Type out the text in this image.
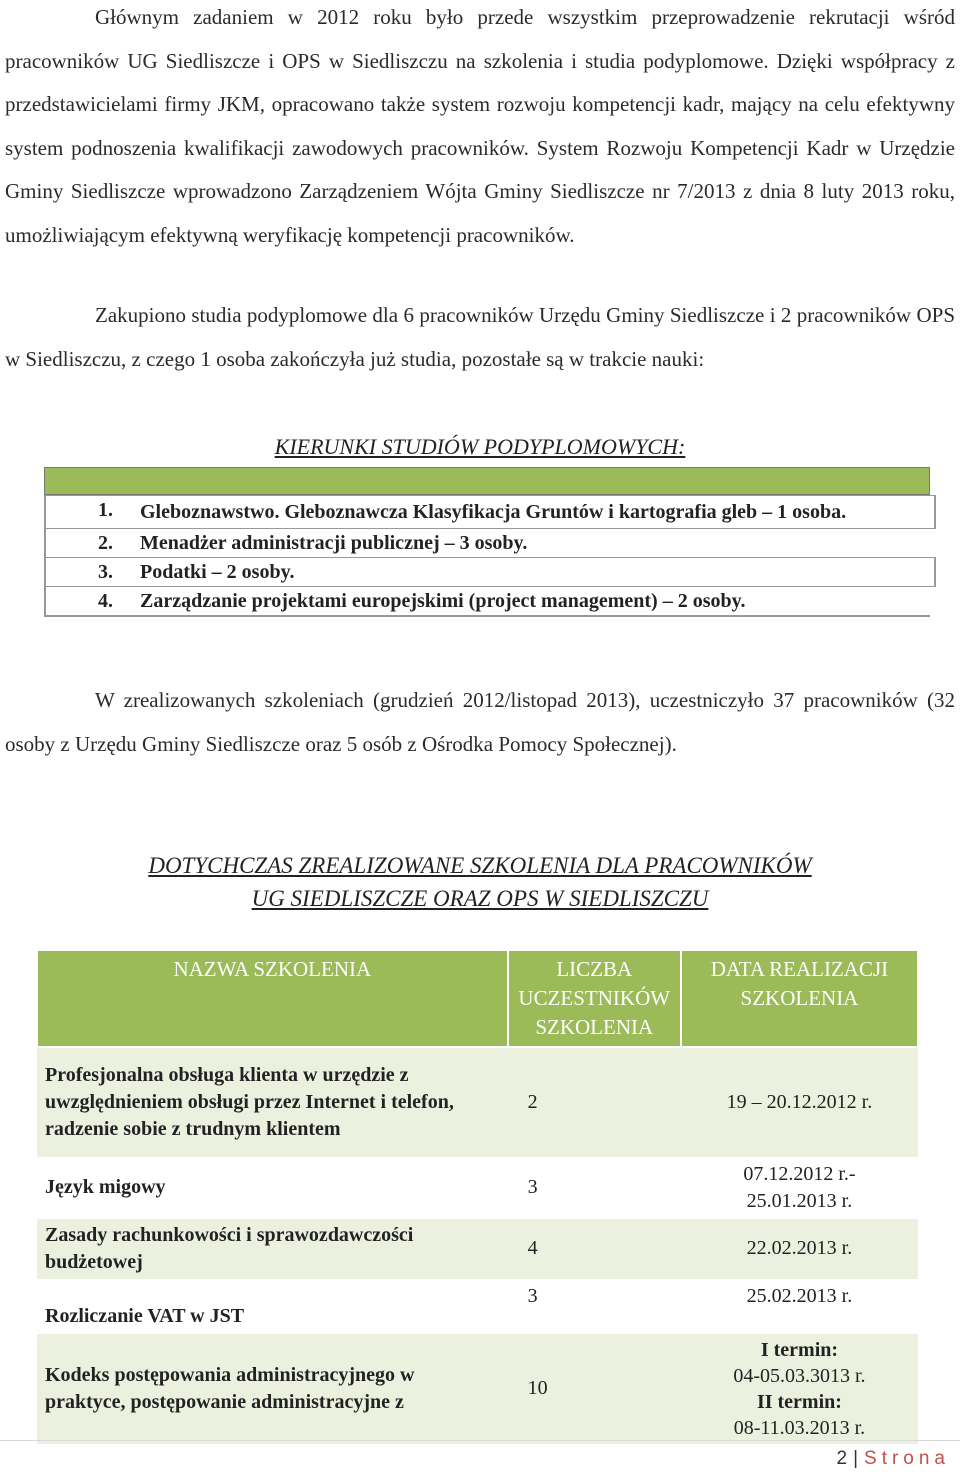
Głównym zadaniem w 2012 roku było przede wszystkim przeprowadzenie rekrutacji wśród pracowników UG Siedliszcze i OPS w Siedliszczu na szkolenia i studia podyplomowe. Dzięki współpracy z przedstawicielami firmy JKM, opracowano także system rozwoju kompetencji kadr, mający na celu efektywny system podnoszenia kwalifikacji zawodowych pracowników. System Rozwoju Kompetencji Kadr w Urzędzie Gminy Siedliszcze wprowadzono Zarządzeniem Wójta Gminy Siedliszcze nr 7/2013 z dnia 8 luty 2013 roku, umożliwiającym efektywną weryfikację kompetencji pracowników.

Zakupiono studia podyplomowe dla 6 pracowników Urzędu Gminy Siedliszcze i 2 pracowników OPS w Siedliszczu, z czego 1 osoba zakończyła już studia, pozostałe są w trakcie nauki:

KIERUNKI STUDIÓW PODYPLOMOWYCH:
1. Gleboznawstwo. Gleboznawcza Klasyfikacja Gruntów i kartografia gleb – 1 osoba.
2. Menadżer administracji publicznej – 3 osoby.
3. Podatki – 2 osoby.
4. Zarządzanie projektami europejskimi (project management) – 2 osoby.

W zrealizowanych szkoleniach (grudzień 2012/listopad 2013), uczestniczyło 37 pracowników (32 osoby z Urzędu Gminy Siedliszcze oraz 5 osób z Ośrodka Pomocy Społecznej).

DOTYCHCZAS ZREALIZOWANE SZKOLENIA DLA PRACOWNIKÓW
UG SIEDLISZCZE ORAZ OPS W SIEDLISZCZU
NAZWA SZKOLENIA	LICZBA UCZESTNIKÓW SZKOLENIA	DATA REALIZACJI SZKOLENIA
Profesjonalna obsługa klienta w urzędzie z uwzględnieniem obsługi przez Internet i telefon, radzenie sobie z trudnym klientem	2	19 – 20.12.2012 r.
Język migowy	3	07.12.2012 r.-
25.01.2013 r.
Zasady rachunkowości i sprawozdawczości budżetowej	4	22.02.2013 r.
Rozliczanie VAT w JST	3	25.02.2013 r.
Kodeks postępowania administracyjnego w praktyce, postępowanie administracyjne z	10	I termin:
04-05.03.3013 r.
II termin:
08-11.03.2013 r.
2 | Strona
